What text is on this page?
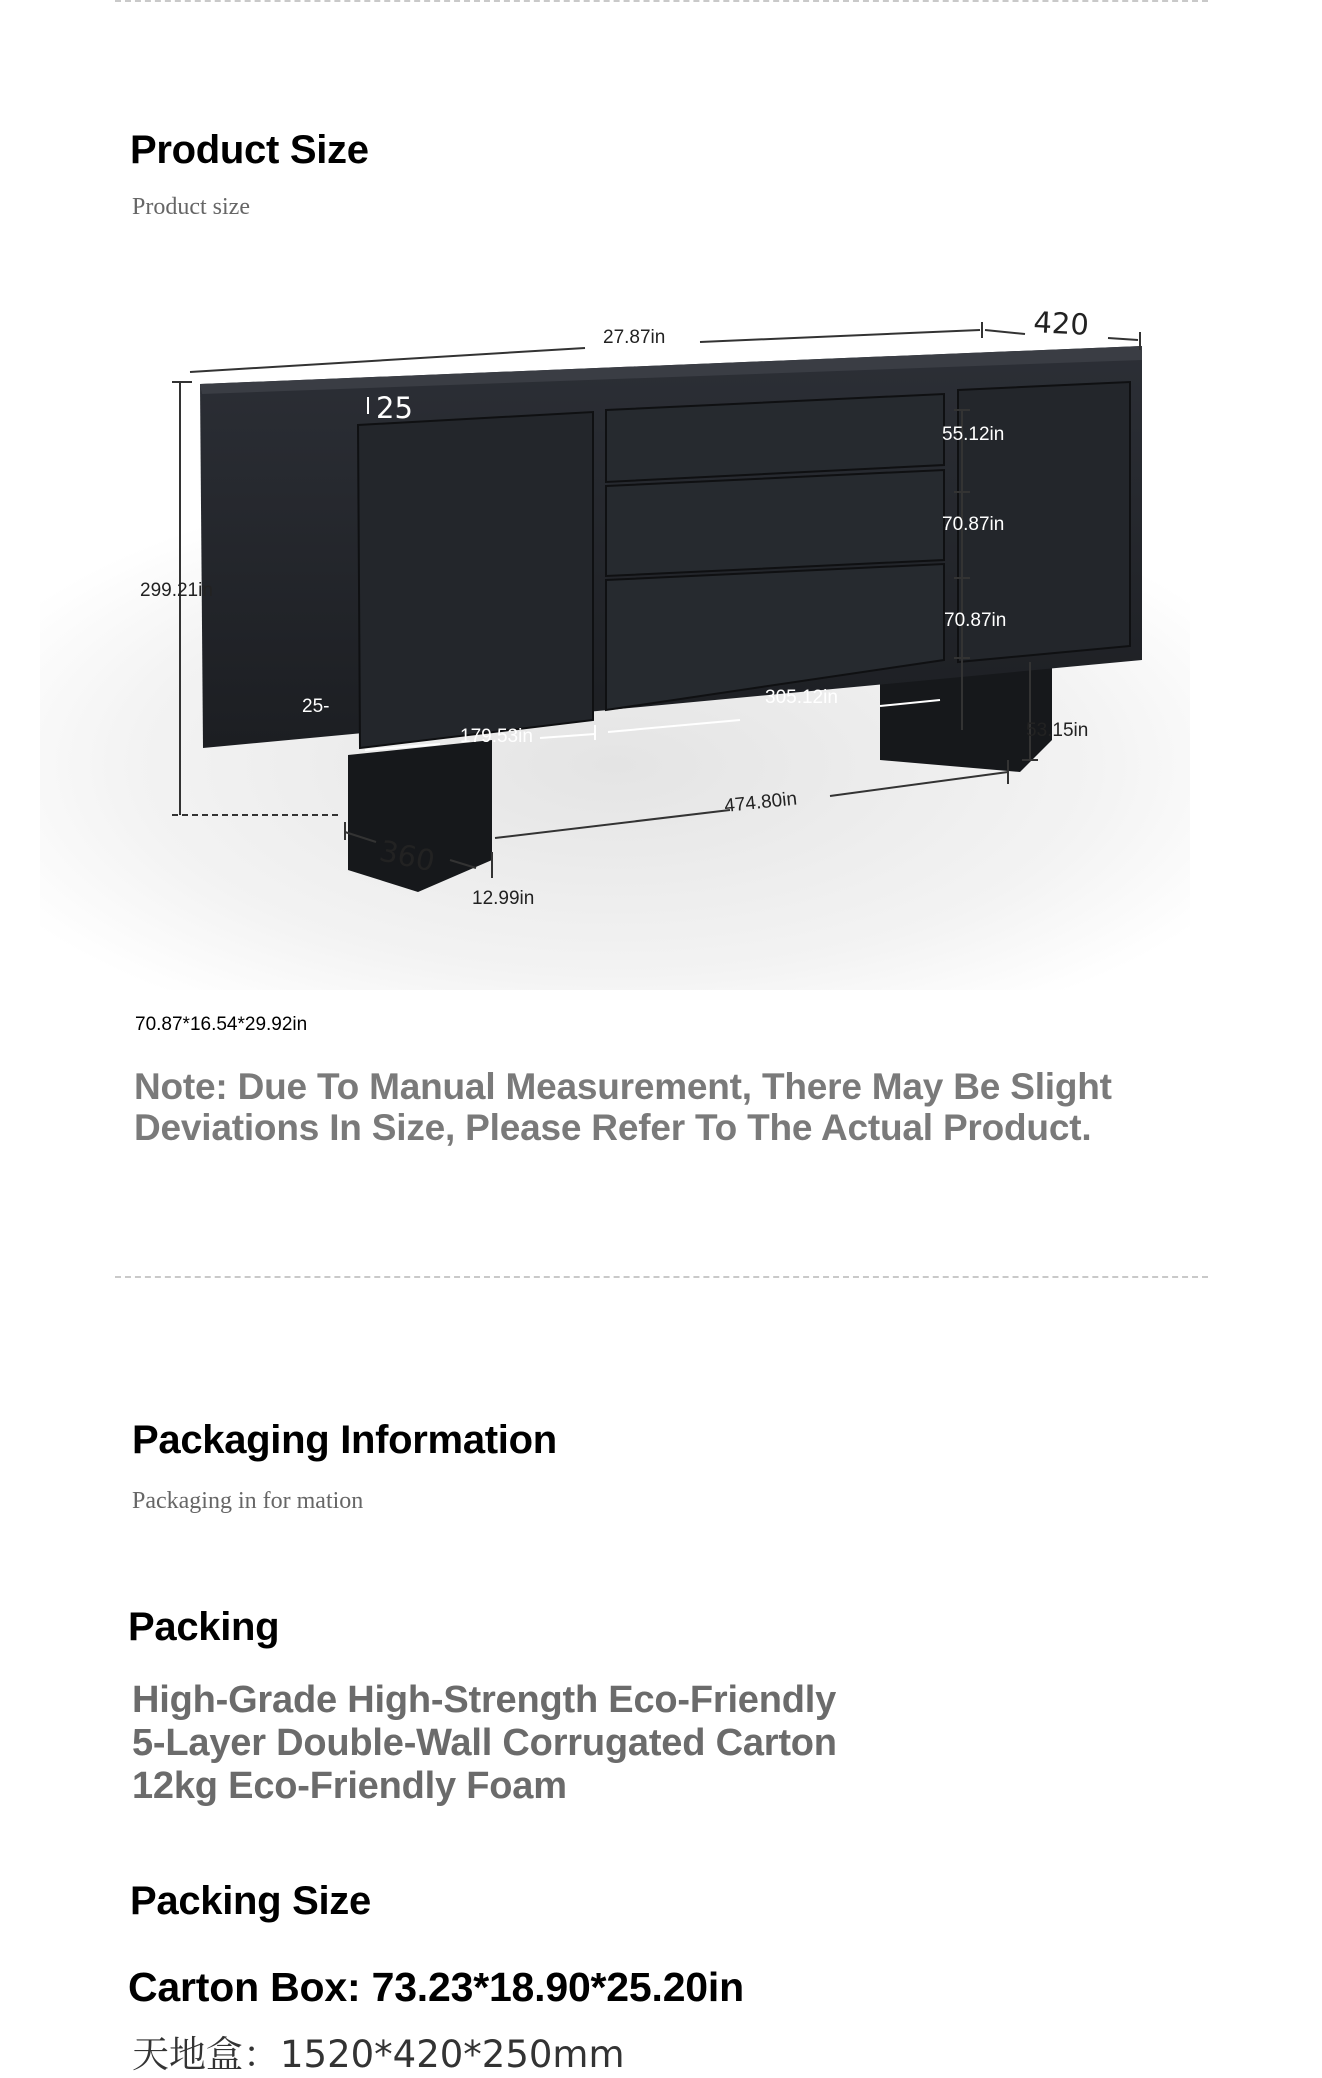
Product Size
Product size
27.87in	420
25
55.12in
70.87in
70.87in
299.21in
25-
179.53in
305.12in
53.15in
474.80in
360
12.99in
70.87*16.54*29.92in
Note: Due To Manual Measurement, There May Be Slight
Deviations In Size, Please Refer To The Actual Product.
Packaging Information
Packaging in for mation
Packing
High-Grade High-Strength Eco-Friendly
5-Layer Double-Wall Corrugated Carton
12kg Eco-Friendly Foam
Packing Size
Carton Box: 73.23*18.90*25.20in
天地盒：1520*420*250mm
